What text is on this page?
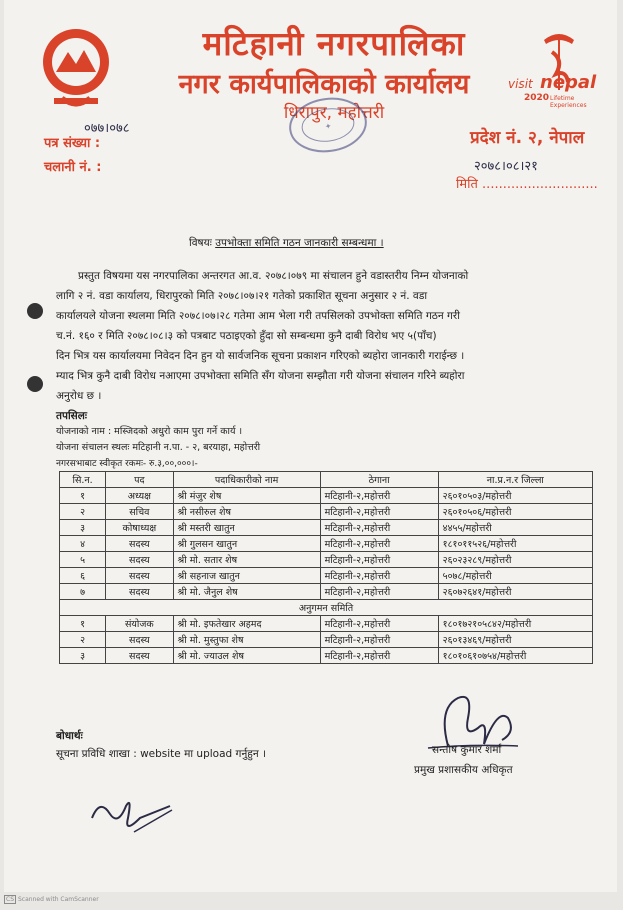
मटिहानी नगरपालिका
नगर कार्यपालिकाको कार्यालय
धिरापुर, महोत्तरी
visit nepal
2020 Lifetime
Experiences
✦
०७७।०७८
पत्र संख्या :
चलानी नं. :
प्रदेश नं. २, नेपाल
२०७८।०८।२१
मिति ............................
विषयः उपभोक्ता समिति गठन जानकारी सम्बन्धमा ।
प्रस्तुत विषयमा यस नगरपालिका अन्तरगत आ.व. २०७८।०७९ मा संचालन हुने वडास्तरीय निम्न योजनाको
लागि २ नं. वडा कार्यालय, धिरापुरको मिति २०७८।०७।२१ गतेको प्रकाशित सूचना अनुसार २ नं. वडा
कार्यालयले योजना स्थलमा मिति २०७८।०७।२८ गतेमा आम भेला गरी तपसिलको उपभोक्ता समिति गठन गरी
च.नं. १६० र मिति २०७८।०८।३ को पत्रबाट पठाइएको हुँदा सो सम्बन्धमा कुनै दाबी विरोध भए ५(पाँच)
दिन भित्र यस कार्यालयमा निवेदन दिन हुन यो सार्वजनिक सूचना प्रकाशन गरिएको ब्यहोरा जानकारी गराईन्छ ।
म्याद भित्र कुनै दाबी विरोध नआएमा उपभोक्ता समिति सँग योजना सम्झौता गरी योजना संचालन गरिने ब्यहोरा
अनुरोध छ ।
तपसिलः
योजनाको नाम : मस्जिदको अधुरो काम पुरा गर्ने कार्य ।
योजना संचालन स्थलः मटिहानी न.पा. - २, बरयाहा, महोत्तरी
नगरसभाबाट स्वीकृत रकमः- रु.३,००,०००।-
सि.न.	पद	पदाधिकारीको नाम	ठेगाना	ना.प्र.न.र जिल्ला
१	अध्यक्ष	श्री मंजुर शेष	मटिहानी-२,महोत्तरी	२६०१०५०३/महोत्तरी
२	सचिव	श्री नसीरुल शेष	मटिहानी-२,महोत्तरी	२६०१०५०६/महोत्तरी
३	कोषाध्यक्ष	श्री मस्तरी खातुन	मटिहानी-२,महोत्तरी	४४५५/महोत्तरी
४	सदस्य	श्री गुलसन खातुन	मटिहानी-२,महोत्तरी	१८१०११५२६/महोत्तरी
५	सदस्य	श्री मो. सतार शेष	मटिहानी-२,महोत्तरी	२६०२३२८९/महोत्तरी
६	सदस्य	श्री सहनाज खातुन	मटिहानी-२,महोत्तरी	५०७८/महोत्तरी
७	सदस्य	श्री मो. जैनुल शेष	मटिहानी-२,महोत्तरी	२६०७२६४१/महोत्तरी
अनुगमन समिति				
१	संयोजक	श्री मो. इफतेखार अहमद	मटिहानी-२,महोत्तरी	१८०१७२१०५८४२/महोत्तरी
२	सदस्य	श्री मो. मुस्तुफा शेष	मटिहानी-२,महोत्तरी	२६०१३४६९/महोत्तरी
३	सदस्य	श्री मो. ज्याउल शेष	मटिहानी-२,महोत्तरी	१८०१०६१०७५४/महोत्तरी
बोधार्थः
सूचना प्रविधि शाखा : website मा upload गर्नुहुन ।	सन्तोष कुमार शर्मा
प्रमुख प्रशासकीय अधिकृत
CS Scanned with CamScanner
